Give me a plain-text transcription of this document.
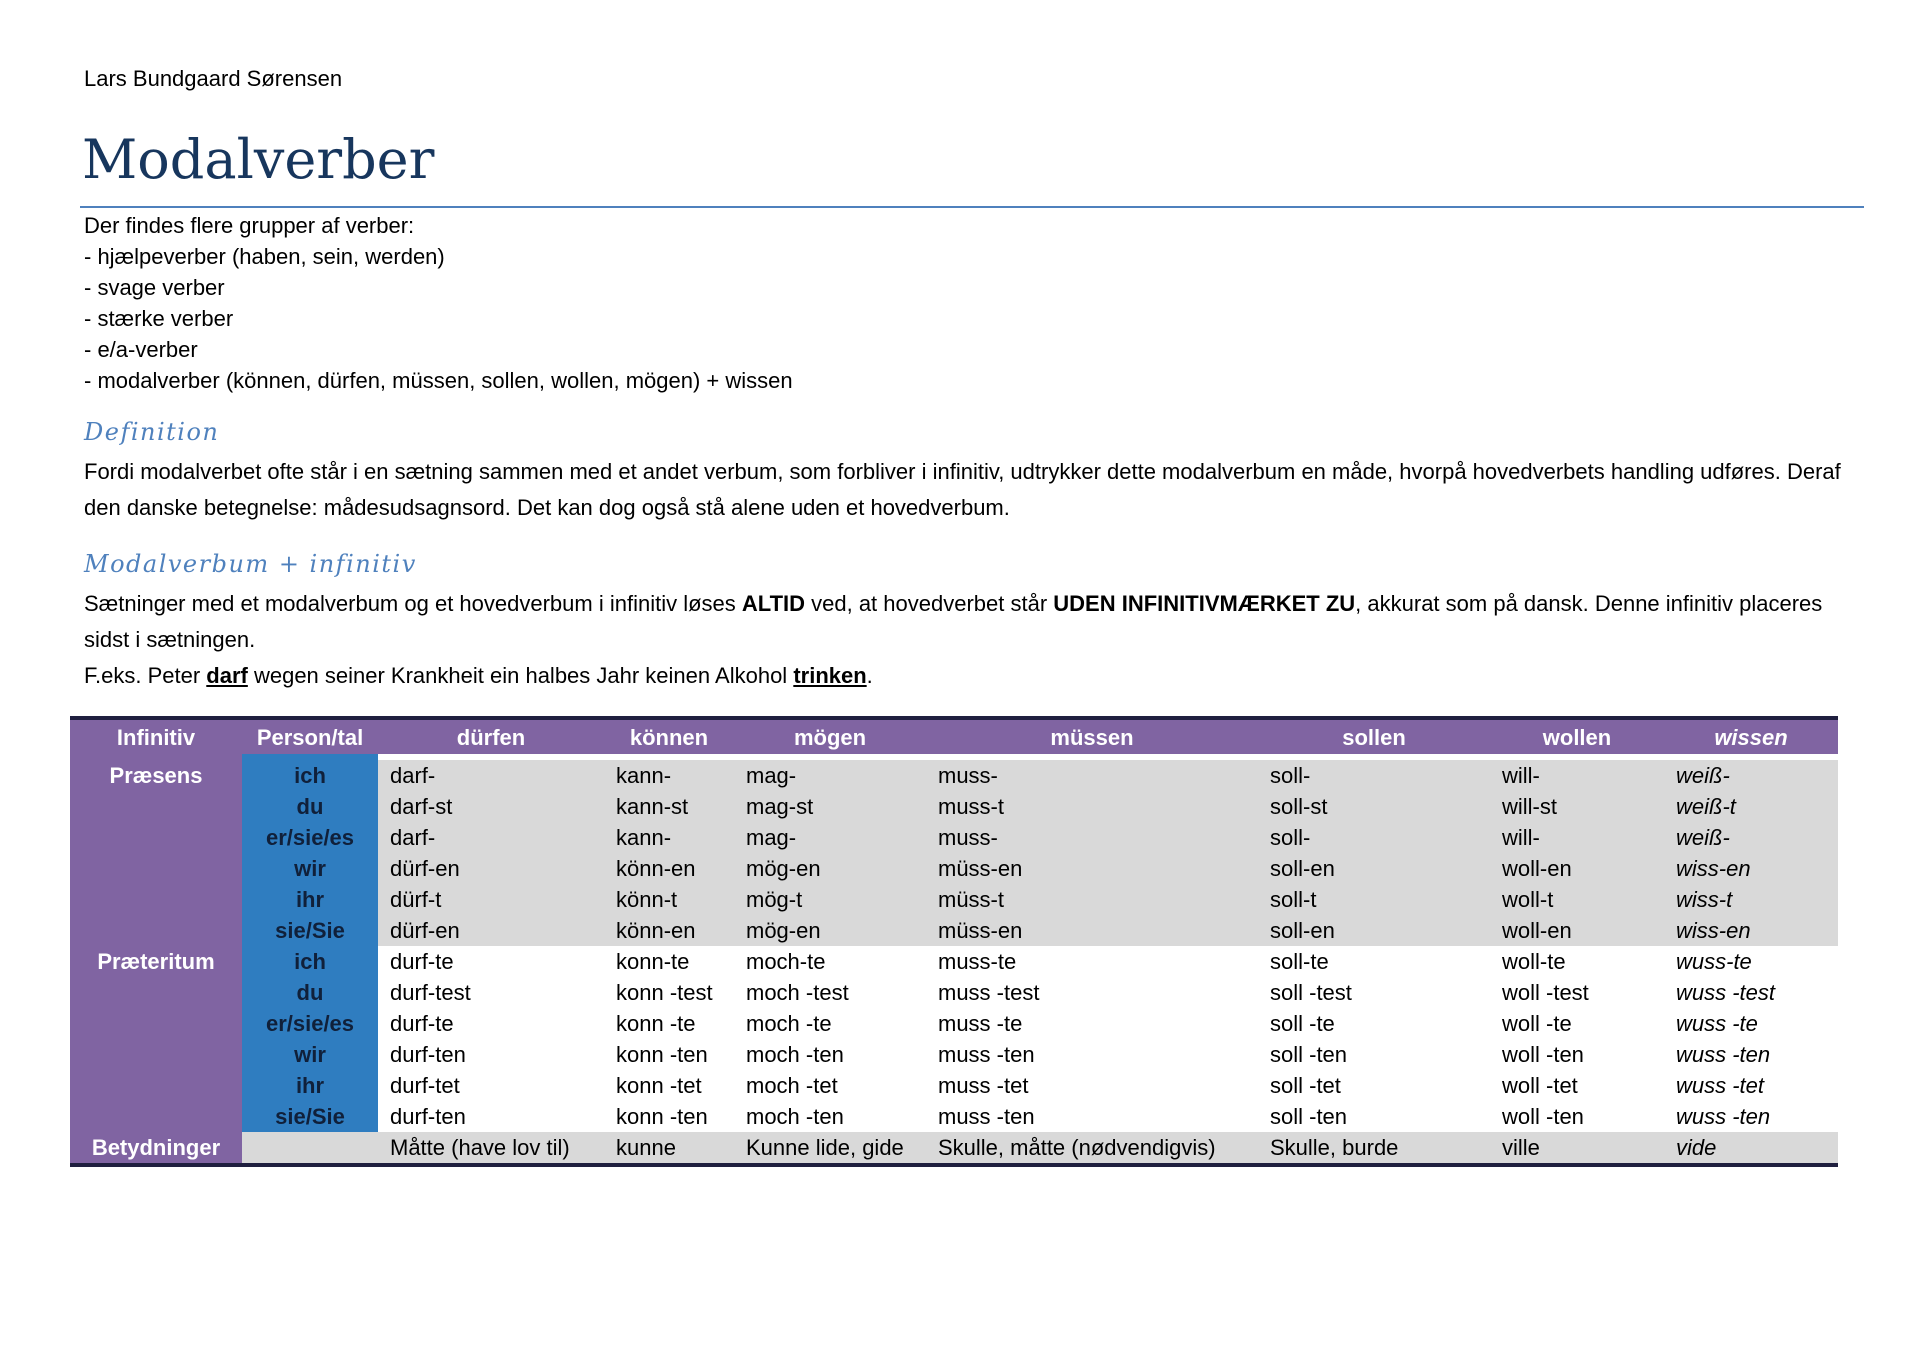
Lars Bundgaard Sørensen
Modalverber
Der findes flere grupper af verber:
- hjælpeverber (haben, sein, werden)
- svage verber
- stærke verber
- e/a-verber
- modalverber (können, dürfen, müssen, sollen, wollen, mögen) + wissen
Definition

Fordi modalverbet ofte står i en sætning sammen med et andet verbum, som forbliver i infinitiv, udtrykker dette modalverbum en måde, hvorpå hovedverbets handling udføres. Deraf den danske betegnelse: mådesudsagnsord. Det kan dog også stå alene uden et hovedverbum.

Modalverbum + infinitiv

Sætninger med et modalverbum og et hovedverbum i infinitiv løses ALTID ved, at hovedverbet står UDEN INFINITIVMÆRKET ZU, akkurat som på dansk. Denne infinitiv placeres sidst i sætningen.

F.eks. Peter darf wegen seiner Krankheit ein halbes Jahr keinen Alkohol trinken.

Infinitiv	Person/tal	dürfen	können	mögen	müssen	sollen	wollen	wissen

Præsens	ich	darf-	kann-	mag-	muss-	soll-	will-	weiß-
	du	darf-st	kann-st	mag-st	muss-t	soll-st	will-st	weiß-t
	er/sie/es	darf-	kann-	mag-	muss-	soll-	will-	weiß-
	wir	dürf-en	könn-en	mög-en	müss-en	soll-en	woll-en	wiss-en
	ihr	dürf-t	könn-t	mög-t	müss-t	soll-t	woll-t	wiss-t
	sie/Sie	dürf-en	könn-en	mög-en	müss-en	soll-en	woll-en	wiss-en
Præteritum	ich	durf-te	konn-te	moch-te	muss-te	soll-te	woll-te	wuss-te
	du	durf-test	konn -test	moch -test	muss -test	soll -test	woll -test	wuss -test
	er/sie/es	durf-te	konn -te	moch -te	muss -te	soll -te	woll -te	wuss -te
	wir	durf-ten	konn -ten	moch -ten	muss -ten	soll -ten	woll -ten	wuss -ten
	ihr	durf-tet	konn -tet	moch -tet	muss -tet	soll -tet	woll -tet	wuss -tet
	sie/Sie	durf-ten	konn -ten	moch -ten	muss -ten	soll -ten	woll -ten	wuss -ten
Betydninger		Måtte (have lov til)	kunne	Kunne lide, gide	Skulle, måtte (nødvendigvis)	Skulle, burde	ville	vide
